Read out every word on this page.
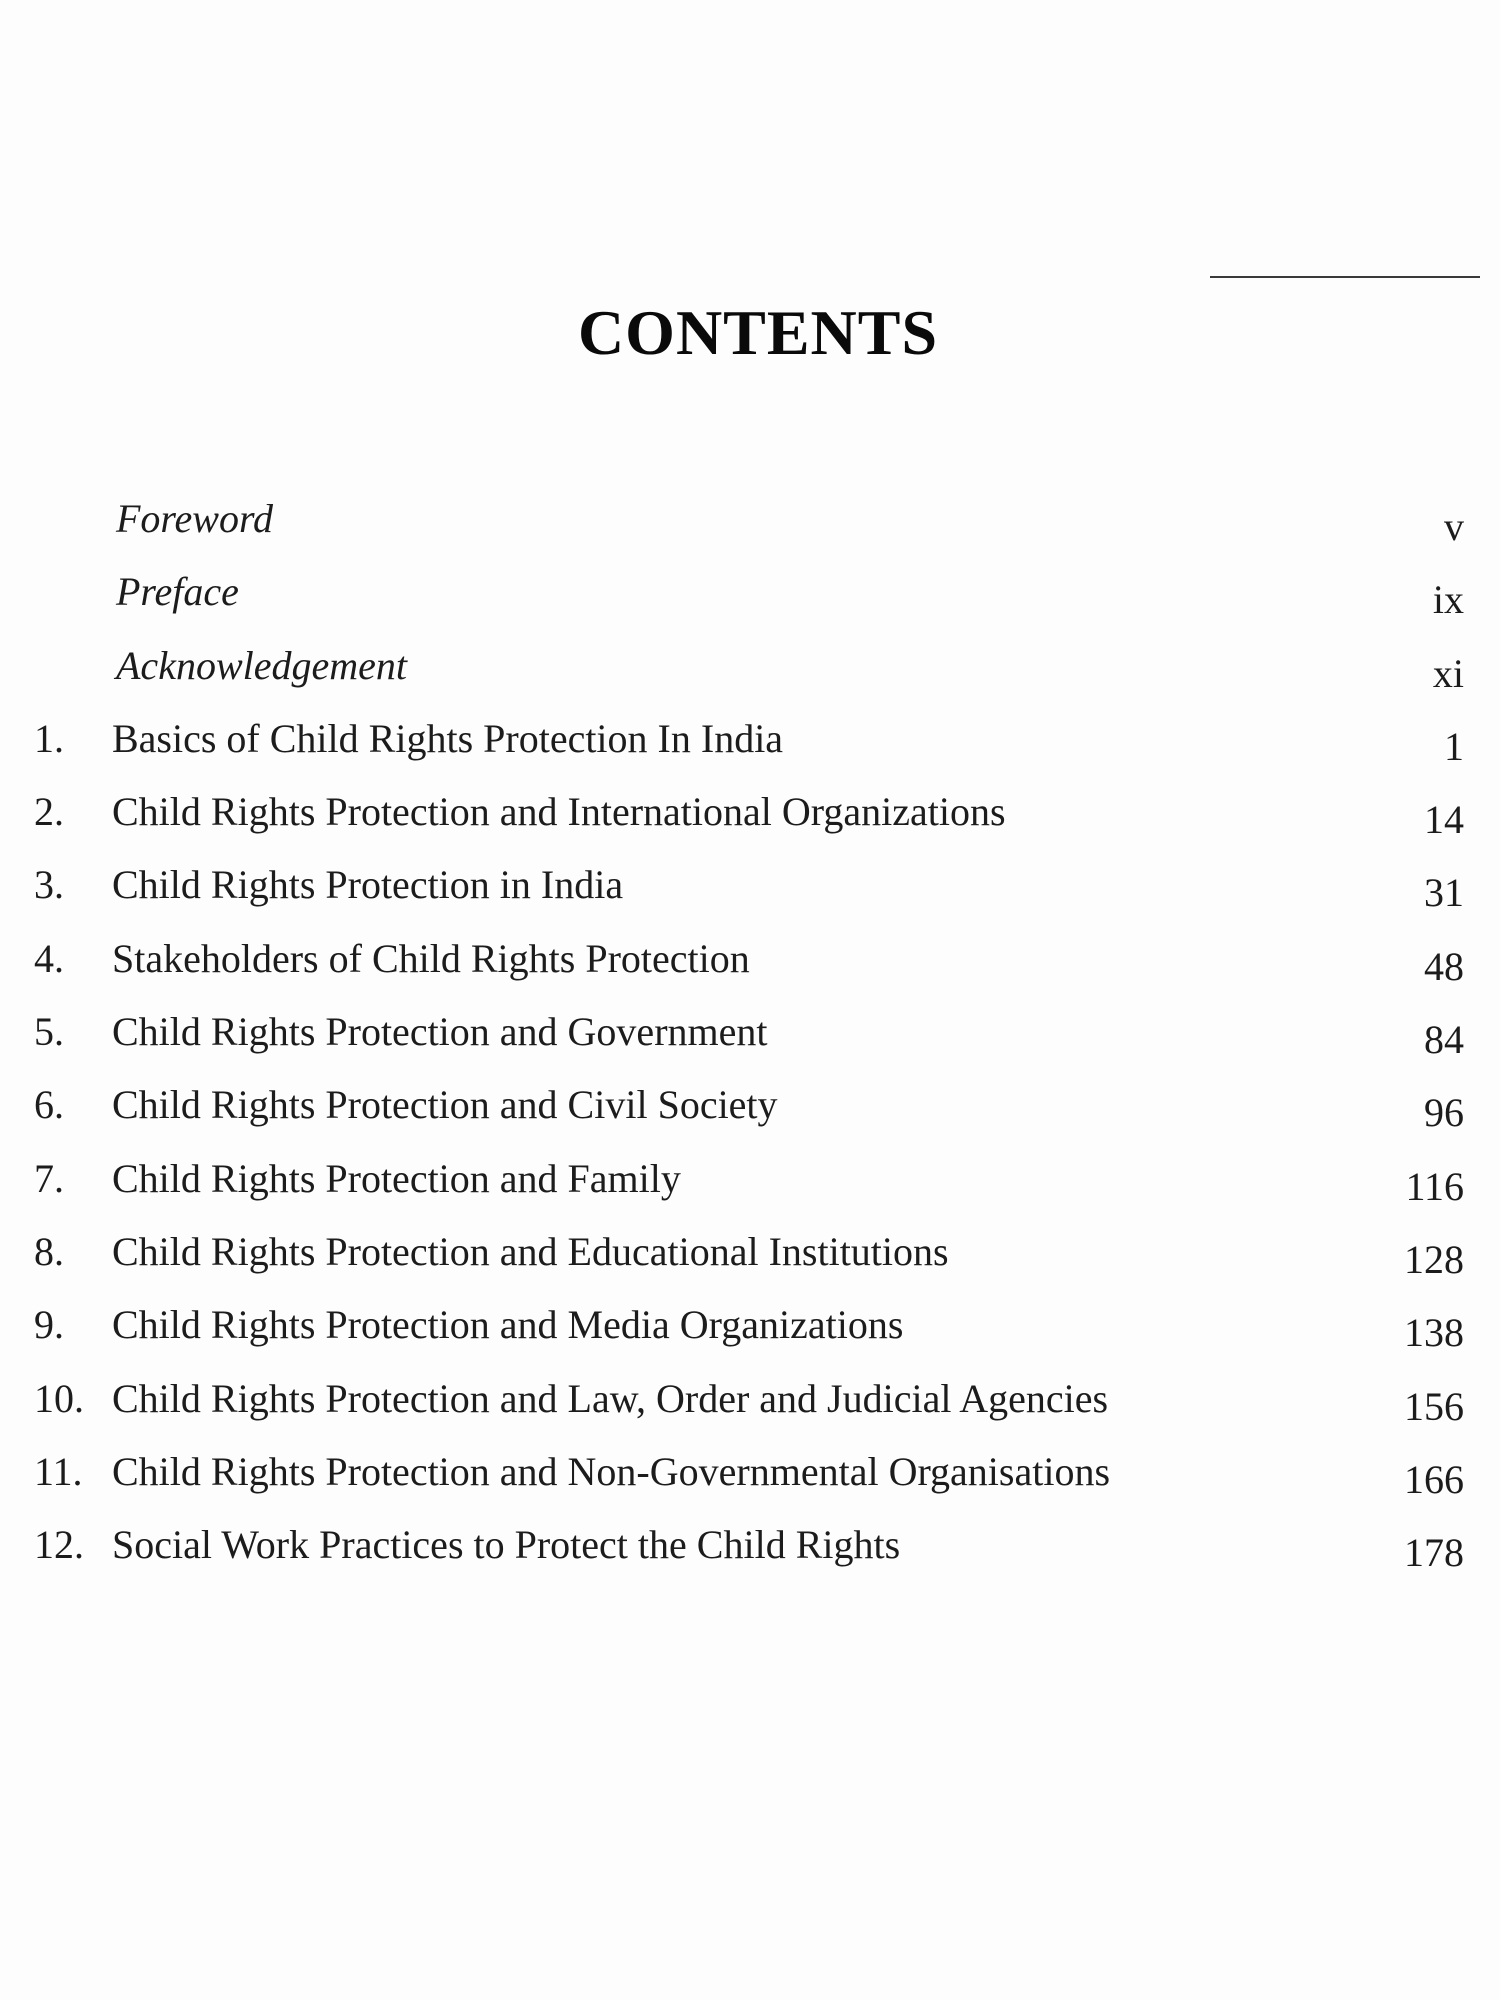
CONTENTS
Foreword	v
Preface	ix
Acknowledgement	xi
1.	Basics of Child Rights Protection In India	1
2.	Child Rights Protection and International Organizations	14
3.	Child Rights Protection in India	31
4.	Stakeholders of Child Rights Protection	48
5.	Child Rights Protection and Government	84
6.	Child Rights Protection and Civil Society	96
7.	Child Rights Protection and Family	116
8.	Child Rights Protection and Educational Institutions	128
9.	Child Rights Protection and Media Organizations	138
10. Child Rights Protection and Law, Order and Judicial Agencies	156
11. Child Rights Protection and Non-Governmental Organisations	166
12. Social Work Practices to Protect the Child Rights	178
